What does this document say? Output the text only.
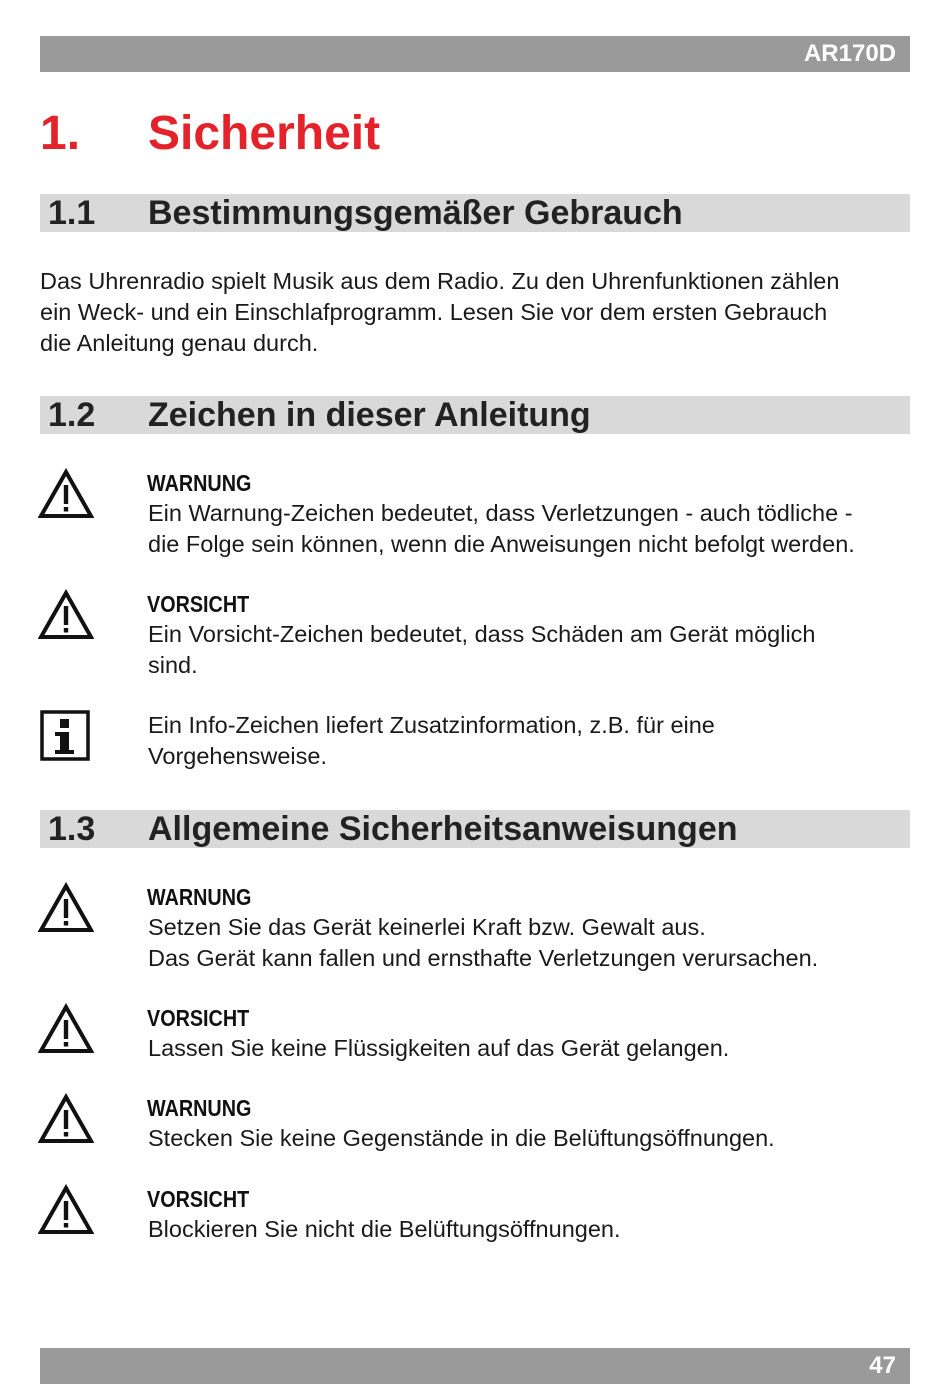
AR170D
1.	Sicherheit
1.1 Bestimmungsgemäßer Gebrauch
Das Uhrenradio spielt Musik aus dem Radio. Zu den Uhrenfunktionen zählen
ein Weck- und ein Einschlafprogramm. Lesen Sie vor dem ersten Gebrauch
die Anleitung genau durch.
1.2 Zeichen in dieser Anleitung
WARNUNG
Ein Warnung-Zeichen bedeutet, dass Verletzungen - auch tödliche -
die Folge sein können, wenn die Anweisungen nicht befolgt werden.
VORSICHT
Ein Vorsicht-Zeichen bedeutet, dass Schäden am Gerät möglich
sind.
Ein Info-Zeichen liefert Zusatzinformation, z.B. für eine
Vorgehensweise.
1.3 Allgemeine Sicherheitsanweisungen
WARNUNG
Setzen Sie das Gerät keinerlei Kraft bzw. Gewalt aus.
Das Gerät kann fallen und ernsthafte Verletzungen verursachen.
VORSICHT
Lassen Sie keine Flüssigkeiten auf das Gerät gelangen.
WARNUNG
Stecken Sie keine Gegenstände in die Belüftungsöffnungen.
VORSICHT
Blockieren Sie nicht die Belüftungsöffnungen.
47
